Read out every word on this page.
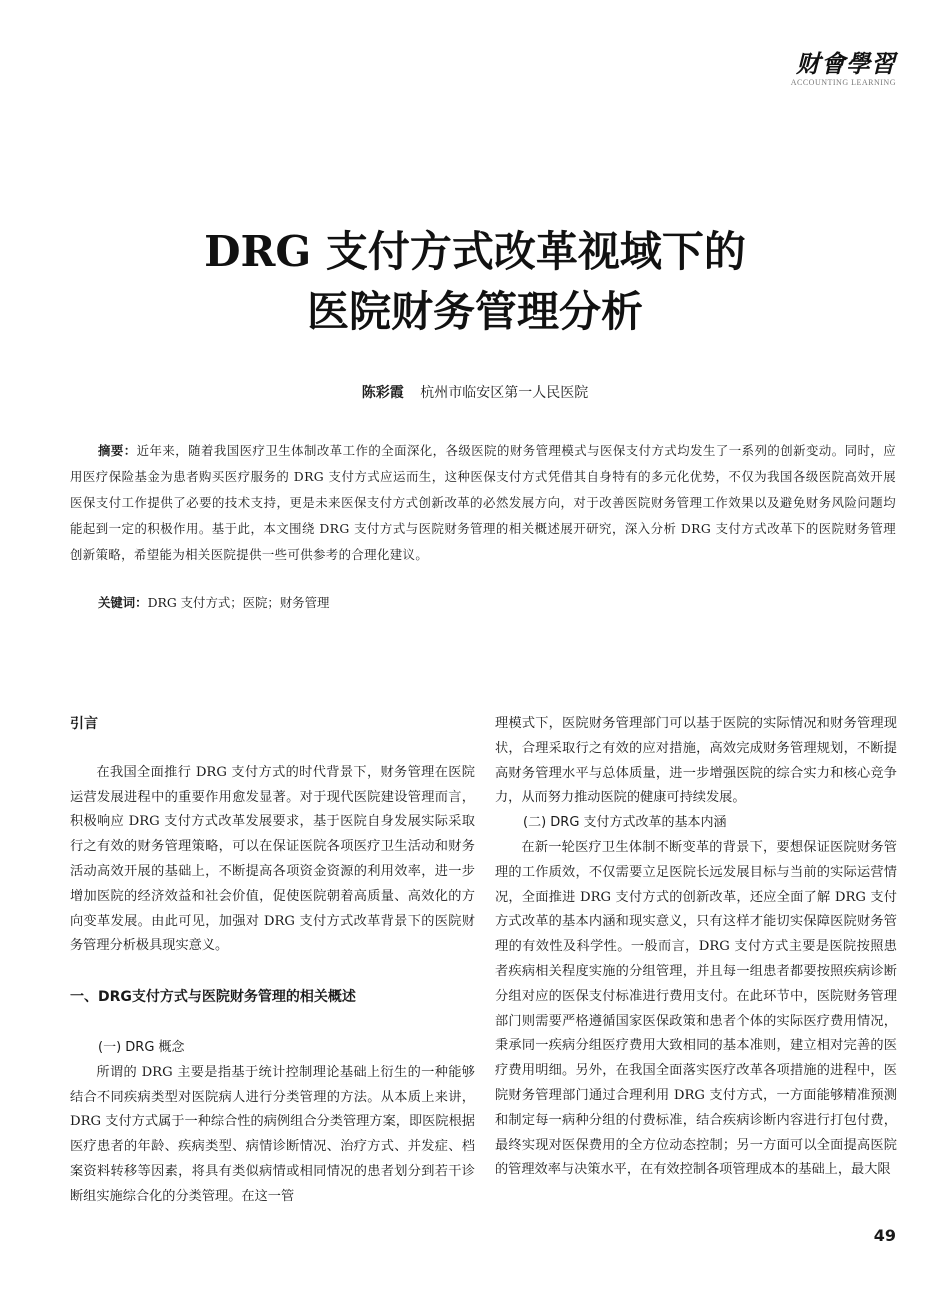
财會學習
ACCOUNTING LEARNING
DRG 支付方式改革视域下的
医院财务管理分析
陈彩霞 杭州市临安区第一人民医院
摘要：近年来，随着我国医疗卫生体制改革工作的全面深化，各级医院的财务管理模式与医保支付方式均发生了一系列的创新变动。同时，应用医疗保险基金为患者购买医疗服务的 DRG 支付方式应运而生，这种医保支付方式凭借其自身特有的多元化优势，不仅为我国各级医院高效开展医保支付工作提供了必要的技术支持，更是未来医保支付方式创新改革的必然发展方向，对于改善医院财务管理工作效果以及避免财务风险问题均能起到一定的积极作用。基于此，本文围绕 DRG 支付方式与医院财务管理的相关概述展开研究，深入分析 DRG 支付方式改革下的医院财务管理创新策略，希望能为相关医院提供一些可供参考的合理化建议。
关键词：DRG 支付方式；医院；财务管理

引言

在我国全面推行 DRG 支付方式的时代背景下，财务管理在医院运营发展进程中的重要作用愈发显著。对于现代医院建设管理而言，积极响应 DRG 支付方式改革发展要求，基于医院自身发展实际采取行之有效的财务管理策略，可以在保证医院各项医疗卫生活动和财务活动高效开展的基础上，不断提高各项资金资源的利用效率，进一步增加医院的经济效益和社会价值，促使医院朝着高质量、高效化的方向变革发展。由此可见，加强对 DRG 支付方式改革背景下的医院财务管理分析极具现实意义。

一、DRG支付方式与医院财务管理的相关概述

(一) DRG 概念

所谓的 DRG 主要是指基于统计控制理论基础上衍生的一种能够结合不同疾病类型对医院病人进行分类管理的方法。从本质上来讲，DRG 支付方式属于一种综合性的病例组合分类管理方案，即医院根据医疗患者的年龄、疾病类型、病情诊断情况、治疗方式、并发症、档案资料转移等因素，将具有类似病情或相同情况的患者划分到若干诊断组实施综合化的分类管理。在这一管

理模式下，医院财务管理部门可以基于医院的实际情况和财务管理现状，合理采取行之有效的应对措施，高效完成财务管理规划，不断提高财务管理水平与总体质量，进一步增强医院的综合实力和核心竞争力，从而努力推动医院的健康可持续发展。

(二) DRG 支付方式改革的基本内涵

在新一轮医疗卫生体制不断变革的背景下，要想保证医院财务管理的工作质效，不仅需要立足医院长远发展目标与当前的实际运营情况，全面推进 DRG 支付方式的创新改革，还应全面了解 DRG 支付方式改革的基本内涵和现实意义，只有这样才能切实保障医院财务管理的有效性及科学性。一般而言，DRG 支付方式主要是医院按照患者疾病相关程度实施的分组管理，并且每一组患者都要按照疾病诊断分组对应的医保支付标准进行费用支付。在此环节中，医院财务管理部门则需要严格遵循国家医保政策和患者个体的实际医疗费用情况，秉承同一疾病分组医疗费用大致相同的基本准则，建立相对完善的医疗费用明细。另外，在我国全面落实医疗改革各项措施的进程中，医院财务管理部门通过合理利用 DRG 支付方式，一方面能够精准预测和制定每一病种分组的付费标准，结合疾病诊断内容进行打包付费，最终实现对医保费用的全方位动态控制；另一方面可以全面提高医院的管理效率与决策水平，在有效控制各项管理成本的基础上，最大限

49
